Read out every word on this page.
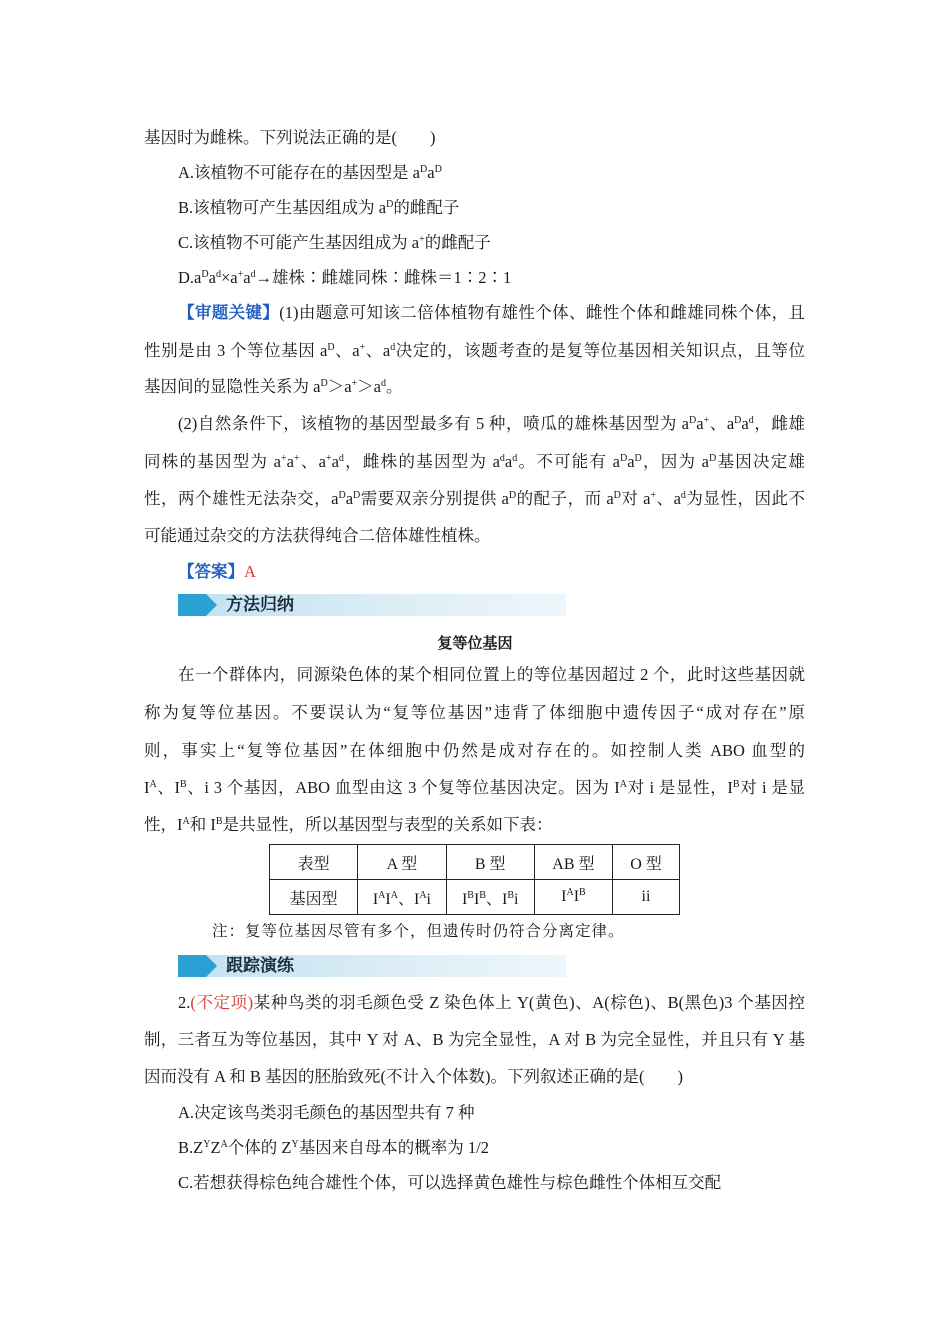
基因时为雌株。下列说法正确的是(　　)
A.该植物不可能存在的基因型是 $a^Da^D$
B.该植物可产生基因组成为 $a^D$的雌配子
C.该植物不可能产生基因组成为 a+的雌配子
$D.a^Da^d\times a^+a^d\to$雄株∶雌雄同株∶雌株＝1∶2∶1
【审题关键】(1)由题意可知该二倍体植物有雄性个体、雌性个体和雌雄同株个体，且
性别是由 3 个等位基因 $a^D$、a+、$a^d$决定的，该题考查的是复等位基因相关知识点，且等位
基因间的显隐性关系为 $a^D>a^+>a^d$。
(2)自然条件下，该植物的基因型最多有 5 种，喷瓜的雄株基因型为 $a^Da^+$、$a^Da^d$，雌雄
同株的基因型为 a+a+、$a^+a^d$，雌株的基因型为 $a^da^d$。不可能有 $a^Da^D$，因为 $a^D$基因决定雄
性，两个雄性无法杂交，$a^Da^D$需要双亲分别提供 $a^D$的配子，而 $a^D$对 a+、$a^d$为显性，因此不
可能通过杂交的方法获得纯合二倍体雄性植株。
【答案】A
方法归纳
复等位基因
在一个群体内，同源染色体的某个相同位置上的等位基因超过 2 个，此时这些基因就
称为复等位基因。不要误认为“复等位基因”违背了体细胞中遗传因子“成对存在”原
则，事实上“复等位基因”在体细胞中仍然是成对存在的。如控制人类 ABO 血型的
$I^A$、$I^B$、i 3 个基因，ABO 血型由这 3 个复等位基因决定。因为 $I^A$对 i 是显性，$I^B$对 i 是显
性，$I^A$和 $I^B$是共显性，所以基因型与表型的关系如下表：
表型	A 型	B 型	AB 型	O 型
基因型	$I^AI^A$、$I^Ai$	$I^BI^B$、$I^Bi$	$I^AI^B$	ii
注：复等位基因尽管有多个，但遗传时仍符合分离定律。
跟踪演练
2.(不定项)某种鸟类的羽毛颜色受 Z 染色体上 Y(黄色)、A(棕色)、B(黑色)3 个基因控
制，三者互为等位基因，其中 Y 对 A、B 为完全显性，A 对 B 为完全显性，并且只有 Y 基
因而没有 A 和 B 基因的胚胎致死(不计入个体数)。下列叙述正确的是(　　)
A.决定该鸟类羽毛颜色的基因型共有 7 种
$B.Z^YZ^A$个体的 $Z^Y$基因来自母本的概率为 1/2
C.若想获得棕色纯合雄性个体，可以选择黄色雄性与棕色雌性个体相互交配
